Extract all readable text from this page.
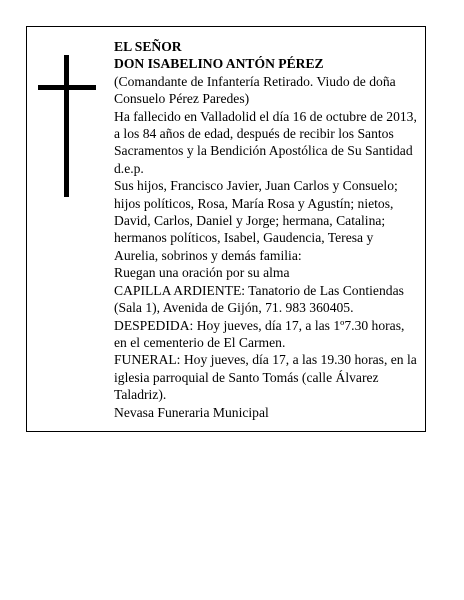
EL SEÑOR
DON ISABELINO ANTÓN PÉREZ
(Comandante de Infantería Retirado. Viudo de doña
Consuelo Pérez Paredes)
Ha fallecido en Valladolid el día 16 de octubre de 2013,
a los 84 años de edad, después de recibir los Santos
Sacramentos y la Bendición Apostólica de Su Santidad
d.e.p.
Sus hijos, Francisco Javier, Juan Carlos y Consuelo;
hijos políticos, Rosa, María Rosa y Agustín; nietos,
David, Carlos, Daniel y Jorge; hermana, Catalina;
hermanos políticos, Isabel, Gaudencia, Teresa y
Aurelia, sobrinos y demás familia:
Ruegan una oración por su alma
CAPILLA ARDIENTE: Tanatorio de Las Contiendas
(Sala 1), Avenida de Gijón, 71. 983 360405.
DESPEDIDA: Hoy jueves, día 17, a las 1º7.30 horas,
en el cementerio de El Carmen.
FUNERAL: Hoy jueves, día 17, a las 19.30 horas, en la
iglesia parroquial de Santo Tomás (calle Álvarez
Taladriz).
Nevasa Funeraria Municipal
